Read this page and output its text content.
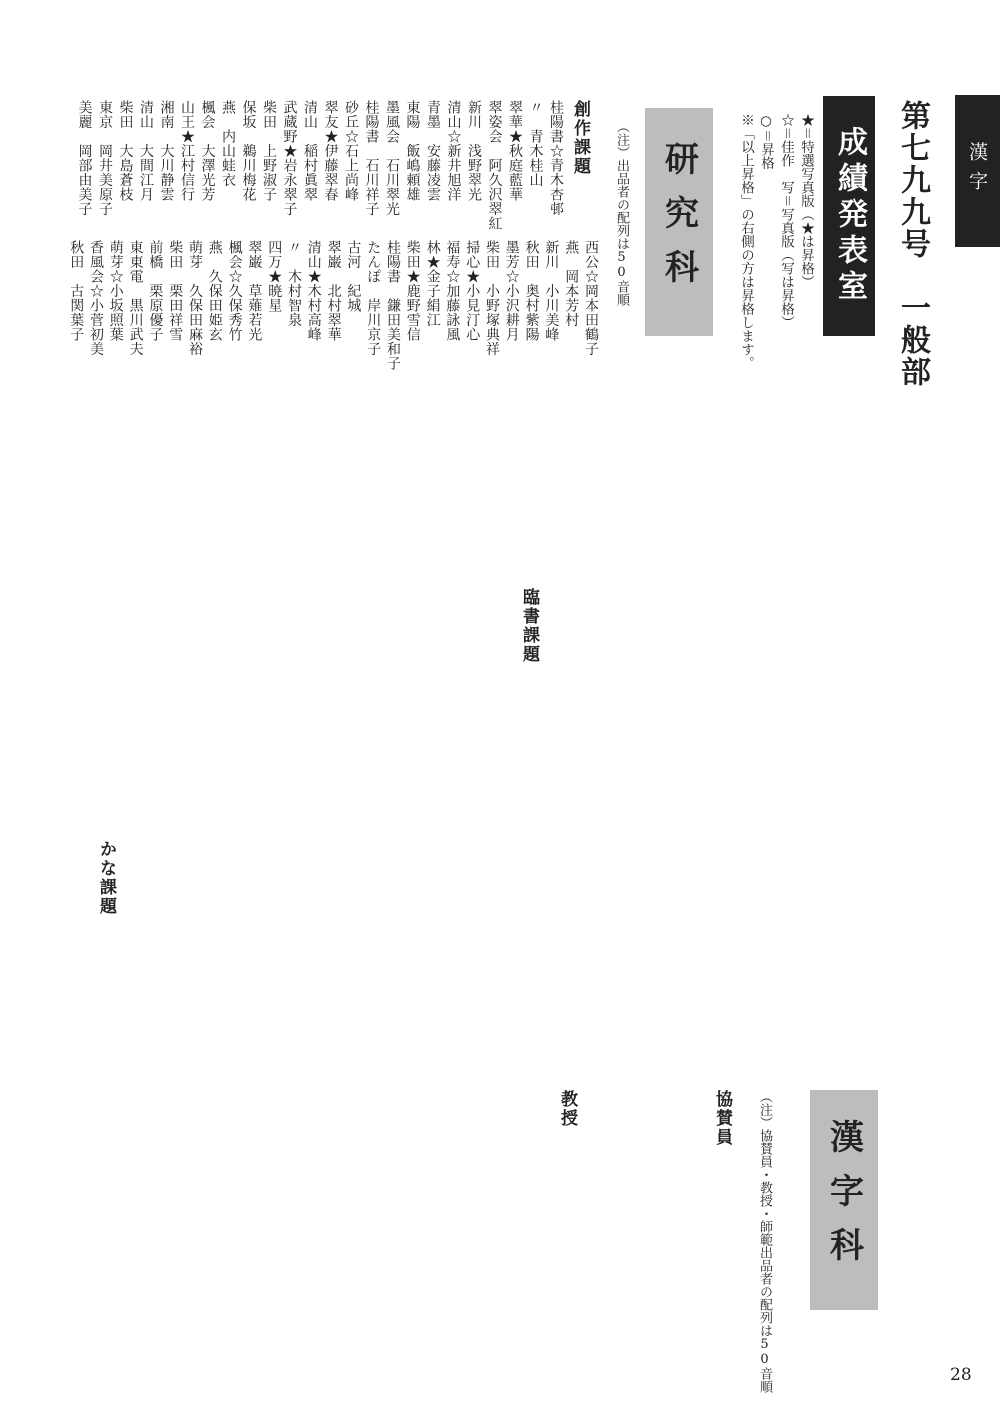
漢字
第七九九号　一般部
成績発表室
★＝特選写真版（★は昇格）
☆＝佳作　写＝写真版（写は昇格）
○＝昇格
※「以上昇格」の右側の方は昇格します。
研究科
（注）出品者の配列は50音順
創作課題
桂陽書☆青木杏邨
〃　青木桂山
翠華★秋庭藍華
翠姿会　阿久沢翠紅
新川　浅野翠光
清山☆新井旭洋
青墨　安藤凌雲
東陽　飯嶋頼雄
墨風会　石川翠光
桂陽書　石川祥子
砂丘☆石上尚峰
翠友★伊藤翠春
清山　稲村眞翠
武蔵野★岩永翠子
柴田　上野淑子
保坂　鵜川梅花
燕　内山蛙衣
楓会　大澤光芳
山王★江村信行
湘南　大川静雲
清山　大間江月
柴田　大島蒼枝
東京　岡井美原子
美麗　岡部由美子
西公☆岡本田鶴子
燕　岡本芳村
新川　小川美峰
秋田　奥村紫陽
墨芳☆小沢耕月
柴田　小野塚典祥
掃心★小見汀心
福寿☆加藤詠風
林★金子絹江
柴田★鹿野雪信
桂陽書　鎌田美和子
たんぽ　岸川京子
古河　紀城
翠巌　北村翠華
清山★木村高峰
〃　木村智泉
四万★暁星
翠巌　草薙若光
楓会☆久保秀竹
燕　久保田姫玄
萌芽　久保田麻裕
柴田　栗田祥雪
前橋　栗原優子
東東電　黒川武夫
萌芽☆小坂照葉
香風会☆小菅初美
秋田　古関葉子
臨書課題
かな課題
協賛員
教授
漢字科
（注）協賛員・教授・師範出品者の配列は50音順	28
